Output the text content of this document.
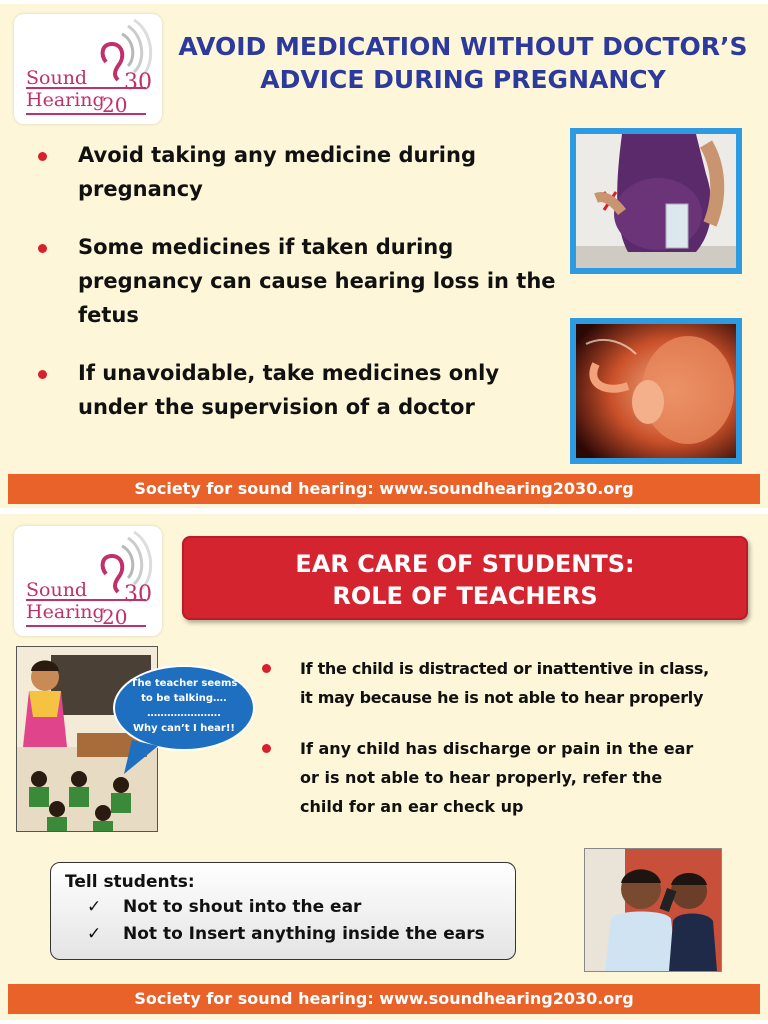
Sound
Hearing
20
30
AVOID MEDICATION WITHOUT DOCTOR’S
ADVICE DURING PREGNANCY
Avoid taking any medicine during
pregnancy
Some medicines if taken during
pregnancy can cause hearing loss in the
fetus
If unavoidable, take medicines only
under the supervision of a doctor
Society for sound hearing: www.soundhearing2030.org
Sound
Hearing
20
30
EAR CARE OF STUDENTS:
ROLE OF TEACHERS
The teacher seems
to be talking….
………………….
Why can’t I hear!!
If the child is distracted or inattentive in class,
it may because he is not able to hear properly
If any child has discharge or pain in the ear
or is not able to hear properly, refer the
child for an ear check up
Tell students:
✓ Not to shout into the ear
✓ Not to Insert anything inside the ears
Society for sound hearing: www.soundhearing2030.org
